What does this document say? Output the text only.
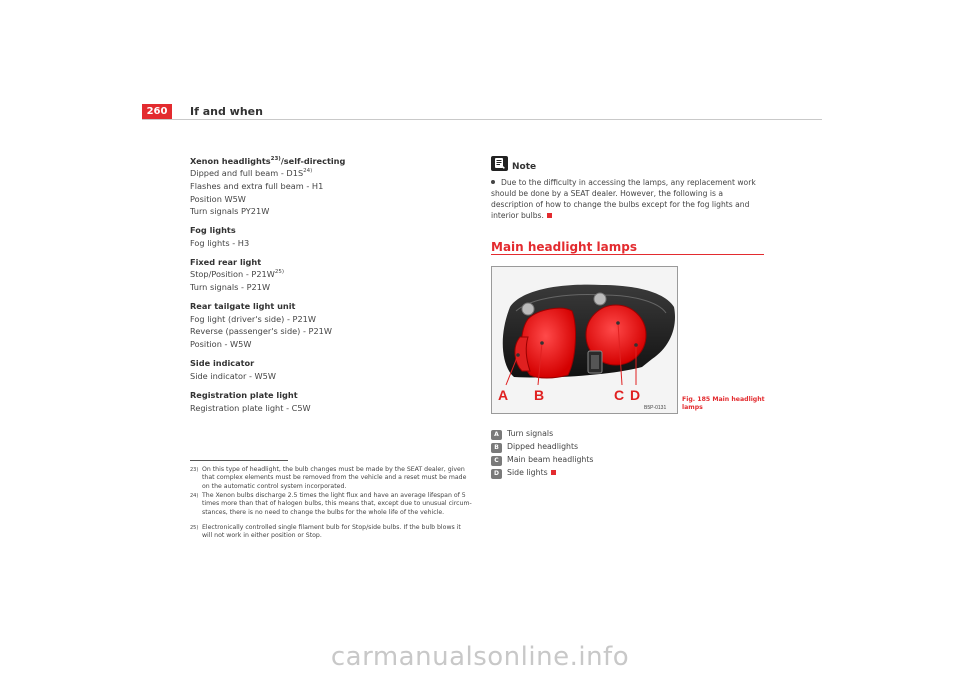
260	If and when
Xenon headlights$^{23)}$/self-directing
Dipped and full beam - $D1S^{24)}$
Flashes and extra full beam - H1
Position W5W
Turn signals PY21W
Fog lights
Fog lights - H3
Fixed rear light
Stop/Position - $P21W^{25)}$
Turn signals - P21W
Rear tailgate light unit
Fog light (driver's side) - P21W
Reverse (passenger's side) - P21W
Position - W5W
Side indicator
Side indicator - W5W
Registration plate light
Registration plate light - C5W
23) On this type of headlight, the bulb changes must be made by the SEAT dealer, given that complex elements must be removed from the vehicle and a reset must be made on the automatic control system incorporated.
24) The Xenon bulbs discharge 2.5 times the light flux and have an average lifespan of 5 times more than that of halogen bulbs, this means that, except due to unusual circum-stances, there is no need to change the bulbs for the whole life of the vehicle.
25) Electronically controlled single filament bulb for Stop/side bulbs. If the bulb blows it will not work in either position or Stop.
Note
Due to the difficulty in accessing the lamps, any replacement work should be done by a SEAT dealer. However, the following is a description of how to change the bulbs except for the fog lights and interior bulbs.
Main headlight lamps
A B	C D
B5P-0131
Fig. 185 Main headlight
lamps
A Turn signals
B Dipped headlights
C Main beam headlights
D Side lights
carmanualsonline.info
